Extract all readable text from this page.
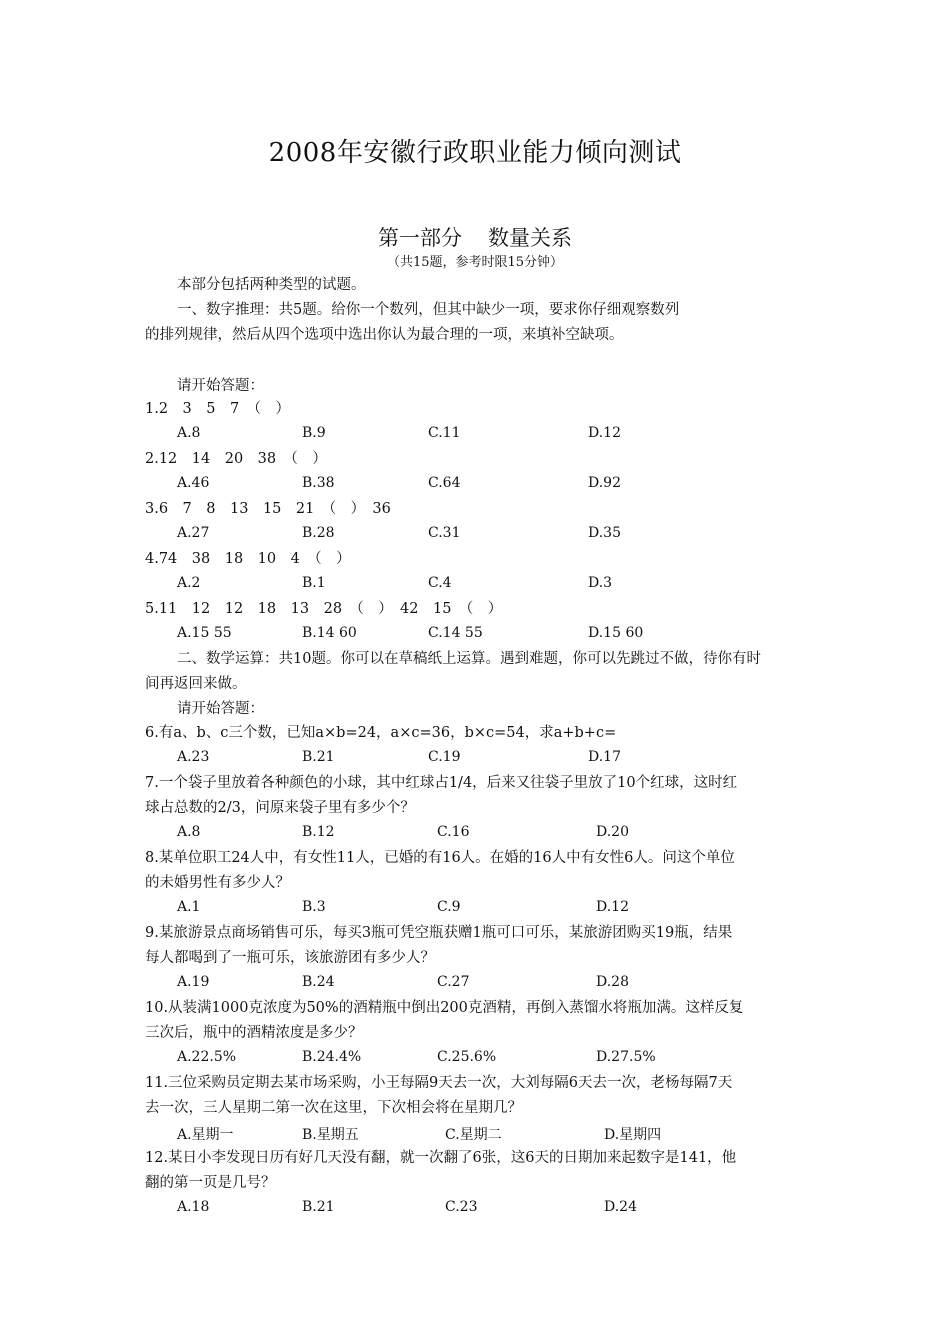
2008年安徽行政职业能力倾向测试
第一部分 数量关系
（共15题，参考时限15分钟）
本部分包括两种类型的试题。
一、数字推理：共5题。给你一个数列，但其中缺少一项，要求你仔细观察数列
的排列规律，然后从四个选项中选出你认为最合理的一项，来填补空缺项。
请开始答题：
1.2　3　5　7　（　）
A.8	B.9	C.11	D.12
2.12　14　20　38　（　）
A.46	B.38	C.64	D.92
3.6　7　8　13　15　21　（　）　36
A.27	B.28	C.31	D.35
4.74　38　18　10　4　（　）
A.2	B.1	C.4	D.3
5.11　12　12　18　13　28　（　）　42　15　（　）
A.15 55	B.14 60	C.14 55	D.15 60
二、数学运算：共10题。你可以在草稿纸上运算。遇到难题，你可以先跳过不做，待你有时
间再返回来做。
请开始答题：
6.有a、b、c三个数，已知a×b=24，a×c=36，b×c=54，求a+b+c=
A.23	B.21	C.19	D.17
7.一个袋子里放着各种颜色的小球，其中红球占1/4，后来又往袋子里放了10个红球，这时红
球占总数的2/3，问原来袋子里有多少个？
A.8	B.12	C.16	D.20
8.某单位职工24人中，有女性11人，已婚的有16人。在婚的16人中有女性6人。问这个单位
的未婚男性有多少人？
A.1	B.3	C.9	D.12
9.某旅游景点商场销售可乐，每买3瓶可凭空瓶获赠1瓶可口可乐，某旅游团购买19瓶，结果
每人都喝到了一瓶可乐，该旅游团有多少人？
A.19	B.24	C.27	D.28
10.从装满1000克浓度为50%的酒精瓶中倒出200克酒精，再倒入蒸馏水将瓶加满。这样反复
三次后，瓶中的酒精浓度是多少？
A.22.5%	B.24.4%	C.25.6%	D.27.5%
11.三位采购员定期去某市场采购，小王每隔9天去一次，大刘每隔6天去一次，老杨每隔7天
去一次，三人星期二第一次在这里，下次相会将在星期几？
A.星期一	B.星期五	C.星期二	D.星期四
12.某日小李发现日历有好几天没有翻，就一次翻了6张，这6天的日期加来起数字是141，他
翻的第一页是几号？
A.18	B.21	C.23	D.24
